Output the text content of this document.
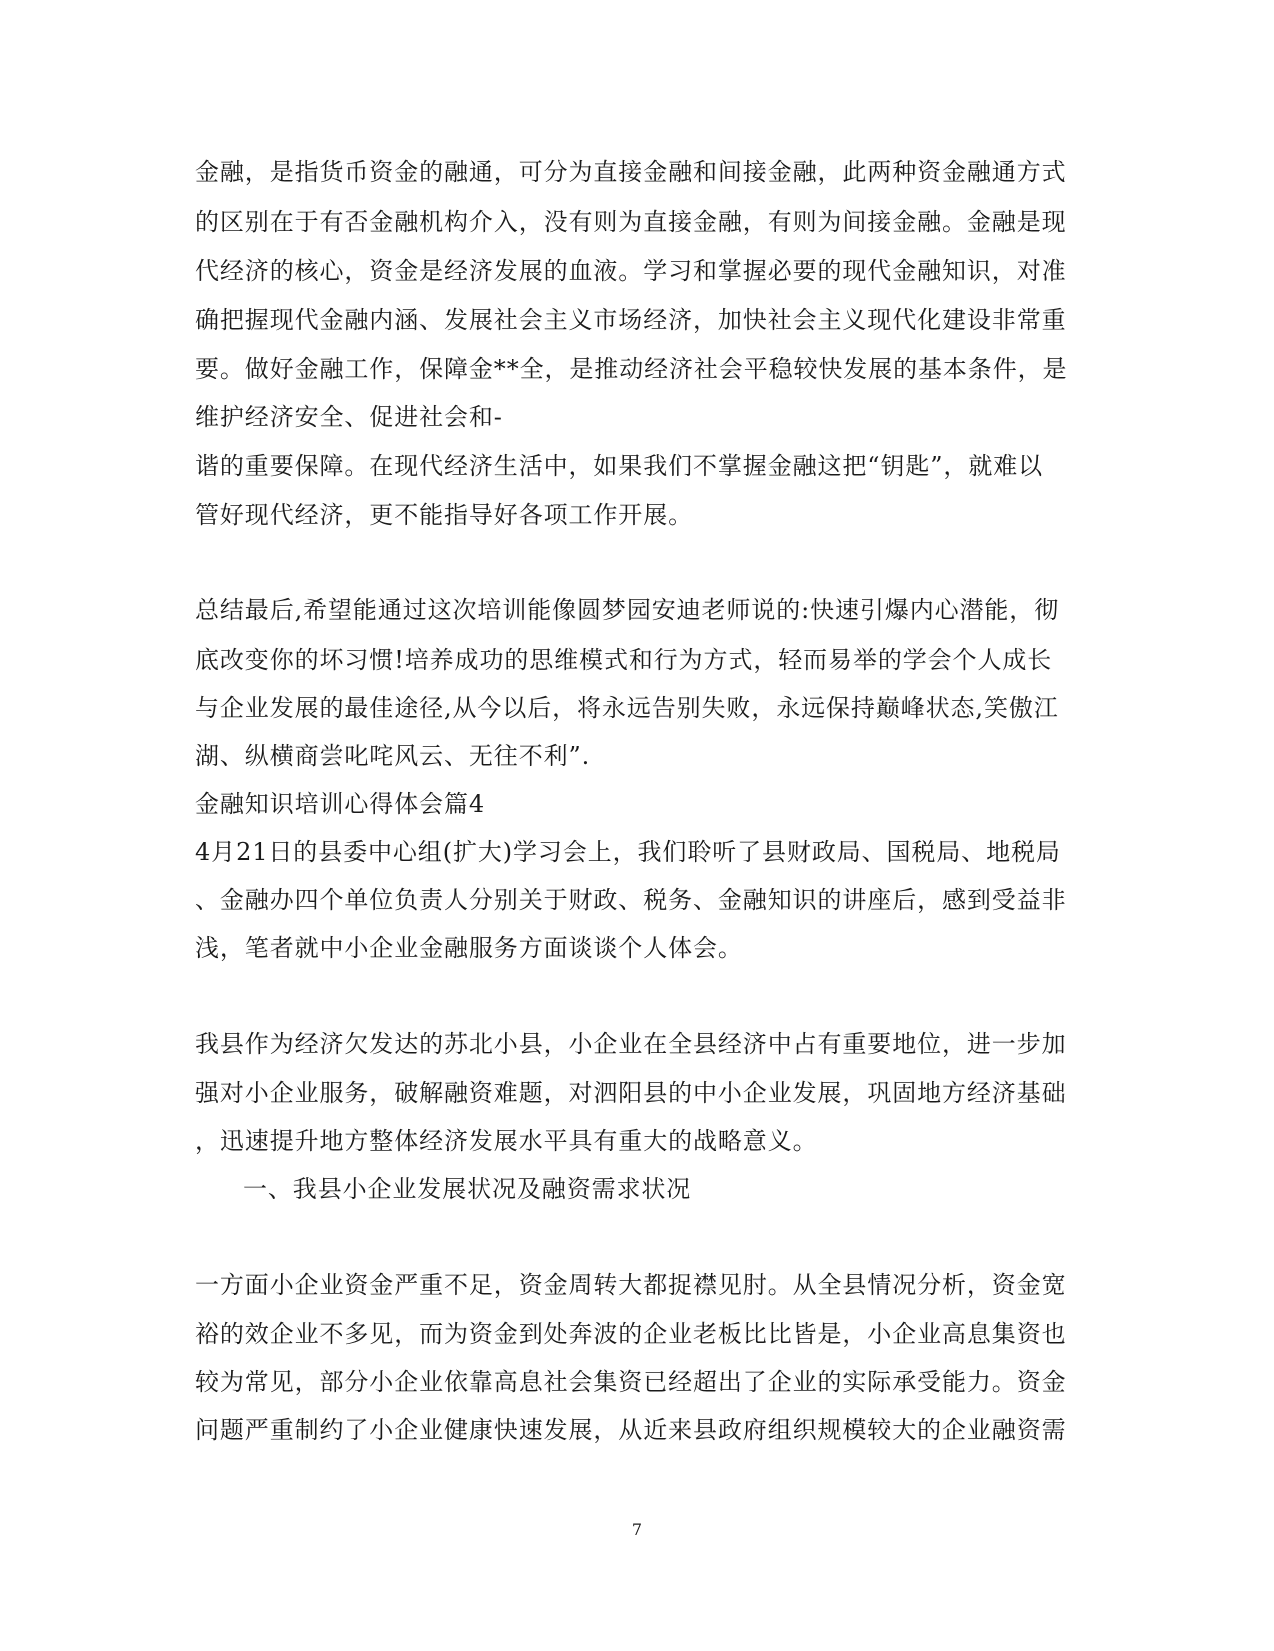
金融，是指货币资金的融通，可分为直接金融和间接金融，此两种资金融通方式
的区别在于有否金融机构介入，没有则为直接金融，有则为间接金融。金融是现
代经济的核心，资金是经济发展的血液。学习和掌握必要的现代金融知识，对准
确把握现代金融内涵、发展社会主义市场经济，加快社会主义现代化建设非常重
要。做好金融工作，保障金**全，是推动经济社会平稳较快发展的基本条件，是
维护经济安全、促进社会和-
谐的重要保障。在现代经济生活中，如果我们不掌握金融这把“钥匙”，就难以
管好现代经济，更不能指导好各项工作开展。
总结最后,希望能通过这次培训能像圆梦园安迪老师说的:快速引爆内心潜能，彻
底改变你的坏习惯!培养成功的思维模式和行为方式，轻而易举的学会个人成长
与企业发展的最佳途径,从今以后，将永远告别失败，永远保持巅峰状态,笑傲江
湖、纵横商尝叱咤风云、无往不利”.
金融知识培训心得体会篇4
4月21日的县委中心组(扩大)学习会上，我们聆听了县财政局、国税局、地税局
、金融办四个单位负责人分别关于财政、税务、金融知识的讲座后，感到受益非
浅，笔者就中小企业金融服务方面谈谈个人体会。
我县作为经济欠发达的苏北小县，小企业在全县经济中占有重要地位，进一步加
强对小企业服务，破解融资难题，对泗阳县的中小企业发展，巩固地方经济基础
，迅速提升地方整体经济发展水平具有重大的战略意义。
一、我县小企业发展状况及融资需求状况
一方面小企业资金严重不足，资金周转大都捉襟见肘。从全县情况分析，资金宽
裕的效企业不多见，而为资金到处奔波的企业老板比比皆是，小企业高息集资也
较为常见，部分小企业依靠高息社会集资已经超出了企业的实际承受能力。资金
问题严重制约了小企业健康快速发展，从近来县政府组织规模较大的企业融资需
7
